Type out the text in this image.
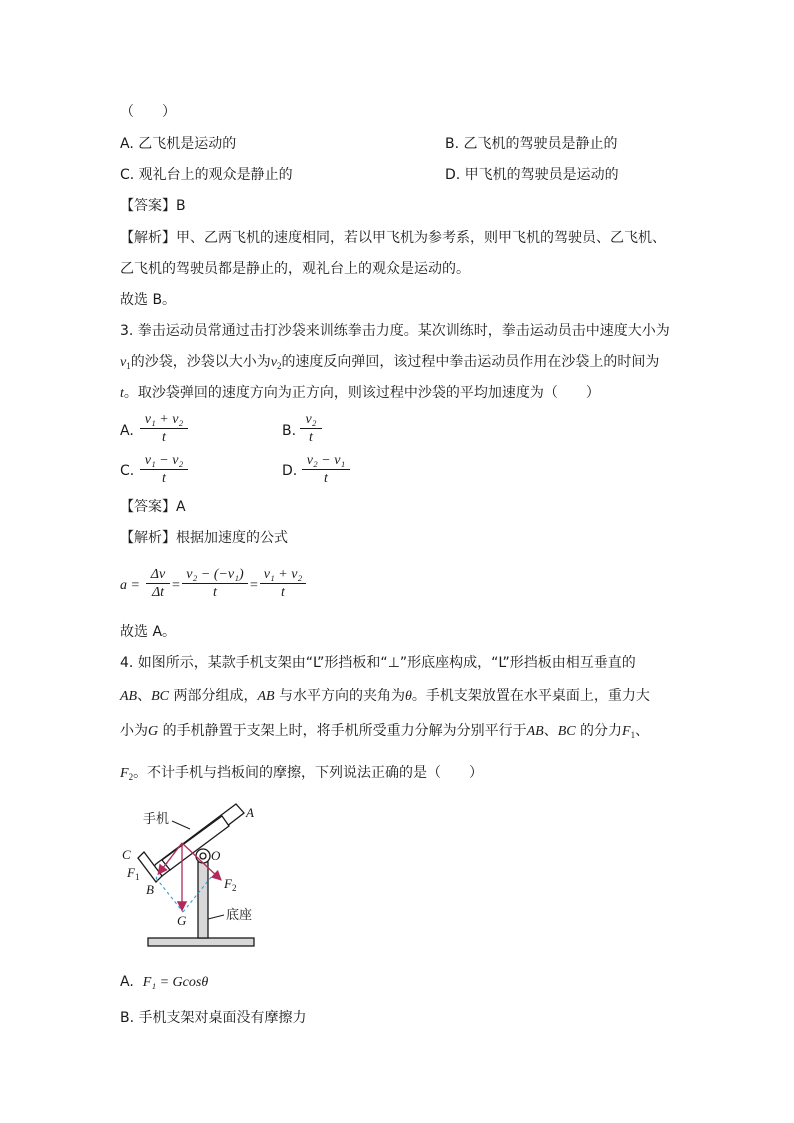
（　　）
A. 乙飞机是运动的	B. 乙飞机的驾驶员是静止的
C. 观礼台上的观众是静止的	D. 甲飞机的驾驶员是运动的
【答案】B
【解析】甲、乙两飞机的速度相同，若以甲飞机为参考系，则甲飞机的驾驶员、乙飞机、
乙飞机的驾驶员都是静止的，观礼台上的观众是运动的。
故选 B。
3. 拳击运动员常通过击打沙袋来训练拳击力度。某次训练时，拳击运动员击中速度大小为
$v_1$的沙袋，沙袋以大小为$v_2$的速度反向弹回，该过程中拳击运动员作用在沙袋上的时间为
t。取沙袋弹回的速度方向为正方向，则该过程中沙袋的平均加速度为（　　）
A.
v₁ + v₂
t	B.
v₂
t
C.
v₁ − v₂
t	D.
v₂ − v₁
t
【答案】A
【解析】根据加速度的公式
a =
Δv
Δt =
v₂ − (−v₁)
t	=
v₁ + v₂
t
故选 A。
4. 如图所示，某款手机支架由“L”形挡板和“⊥”形底座构成，“L”形挡板由相互垂直的
AB、BC 两部分组成，AB 与水平方向的夹角为θ。手机支架放置在水平桌面上，重力大
小为G 的手机静置于支架上时，将手机所受重力分解为分别平行于AB、BC 的分力$F_1$、
$F_2$。不计手机与挡板间的摩擦，下列说法正确的是（　　）
手机	A
C	O
$F_1$	$F_2$
B
G	底座
A. F₁ = Gcosθ
B. 手机支架对桌面没有摩擦力
